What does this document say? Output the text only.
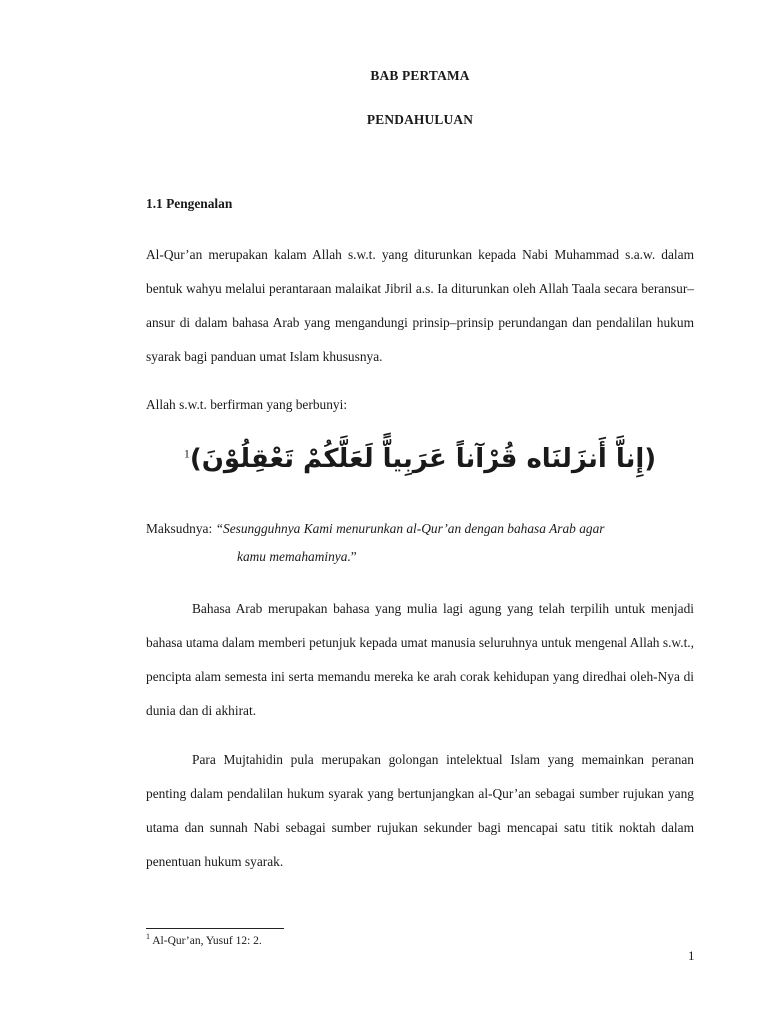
BAB PERTAMA
PENDAHULUAN
1.1 Pengenalan

Al-Qur’an merupakan kalam Allah s.w.t. yang diturunkan kepada Nabi Muhammad s.a.w. dalam bentuk wahyu melalui perantaraan malaikat Jibril a.s. Ia diturunkan oleh Allah Taala secara beransur–ansur di dalam bahasa Arab yang mengandungi prinsip–prinsip perundangan dan pendalilan hukum syarak bagi panduan umat Islam khususnya.

Allah s.w.t. berfirman yang berbunyi:
(إِناَّ أَنزَلنَاه قُرْآناً عَرَبِياًّ لَعَلَّكُمْ تَعْقِلُوْنَ)$^1$
Maksudnya: “Sesungguhnya Kami menurunkan al-Qur’an dengan bahasa Arab agar
kamu memahaminya.”

Bahasa Arab merupakan bahasa yang mulia lagi agung yang telah terpilih untuk menjadi bahasa utama dalam memberi petunjuk kepada umat manusia seluruhnya untuk mengenal Allah s.w.t., pencipta alam semesta ini serta memandu mereka ke arah corak kehidupan yang diredhai oleh-Nya di dunia dan di akhirat.

Para Mujtahidin pula merupakan golongan intelektual Islam yang memainkan peranan penting dalam pendalilan hukum syarak yang bertunjangkan al-Qur’an sebagai sumber rujukan yang utama dan sunnah Nabi sebagai sumber rujukan sekunder bagi mencapai satu titik noktah dalam penentuan hukum syarak.

$^1$ Al-Qur’an, Yusuf 12: 2.
1
